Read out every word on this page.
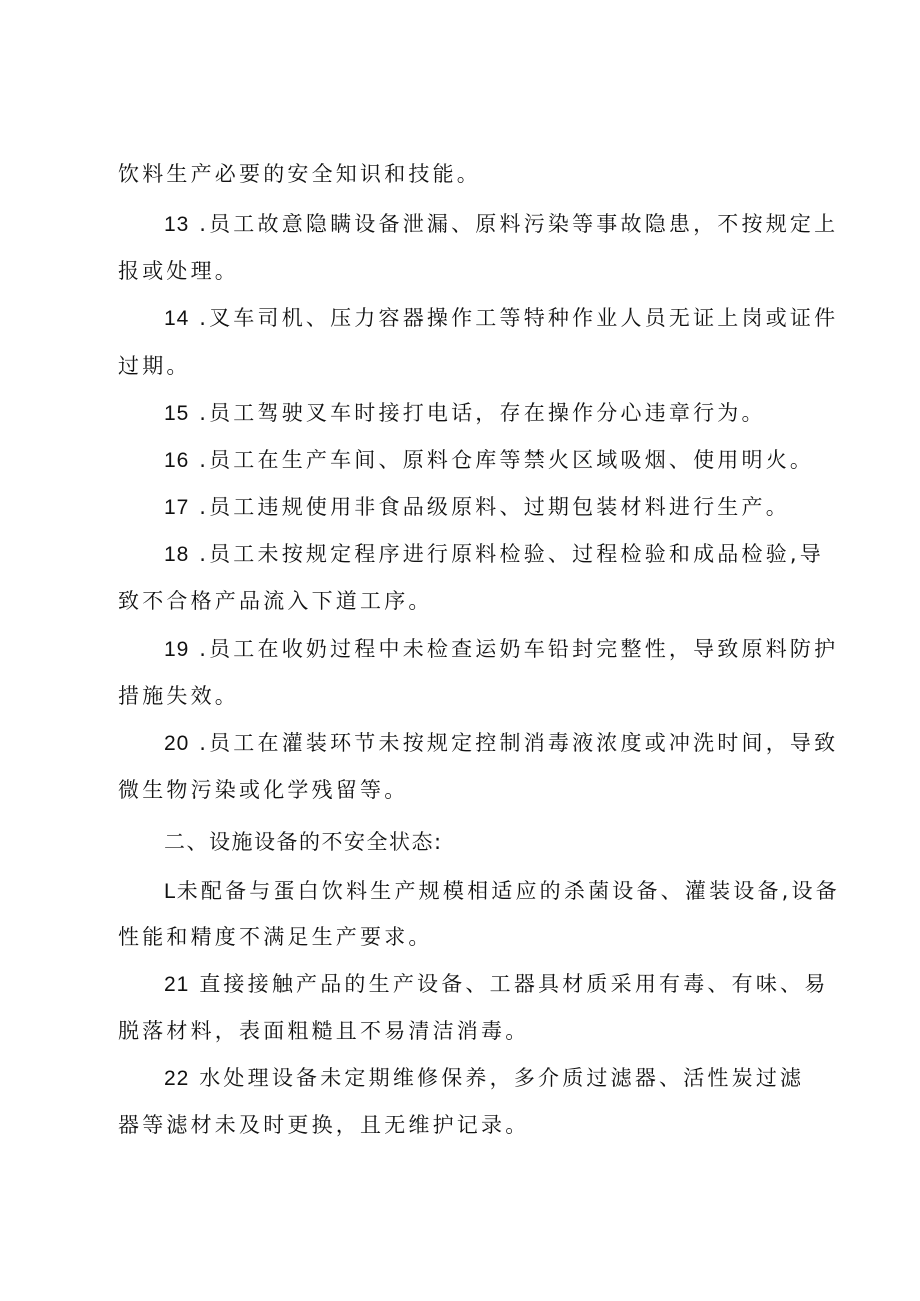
饮料生产必要的安全知识和技能。
13 .员工故意隐瞒设备泄漏、原料污染等事故隐患，不按规定上
报或处理。
14 .叉车司机、压力容器操作工等特种作业人员无证上岗或证件
过期。
15 .员工驾驶叉车时接打电话，存在操作分心违章行为。
16 .员工在生产车间、原料仓库等禁火区域吸烟、使用明火。
17 .员工违规使用非食品级原料、过期包装材料进行生产。
18 .员工未按规定程序进行原料检验、过程检验和成品检验,导
致不合格产品流入下道工序。
19 .员工在收奶过程中未检查运奶车铅封完整性，导致原料防护
措施失效。
20 .员工在灌装环节未按规定控制消毒液浓度或冲洗时间，导致
微生物污染或化学残留等。
二、设施设备的不安全状态:
L未配备与蛋白饮料生产规模相适应的杀菌设备、灌装设备,设备
性能和精度不满足生产要求。
21 直接接触产品的生产设备、工器具材质采用有毒、有味、易
脱落材料，表面粗糙且不易清洁消毒。
22 水处理设备未定期维修保养，多介质过滤器、活性炭过滤
器等滤材未及时更换，且无维护记录。
